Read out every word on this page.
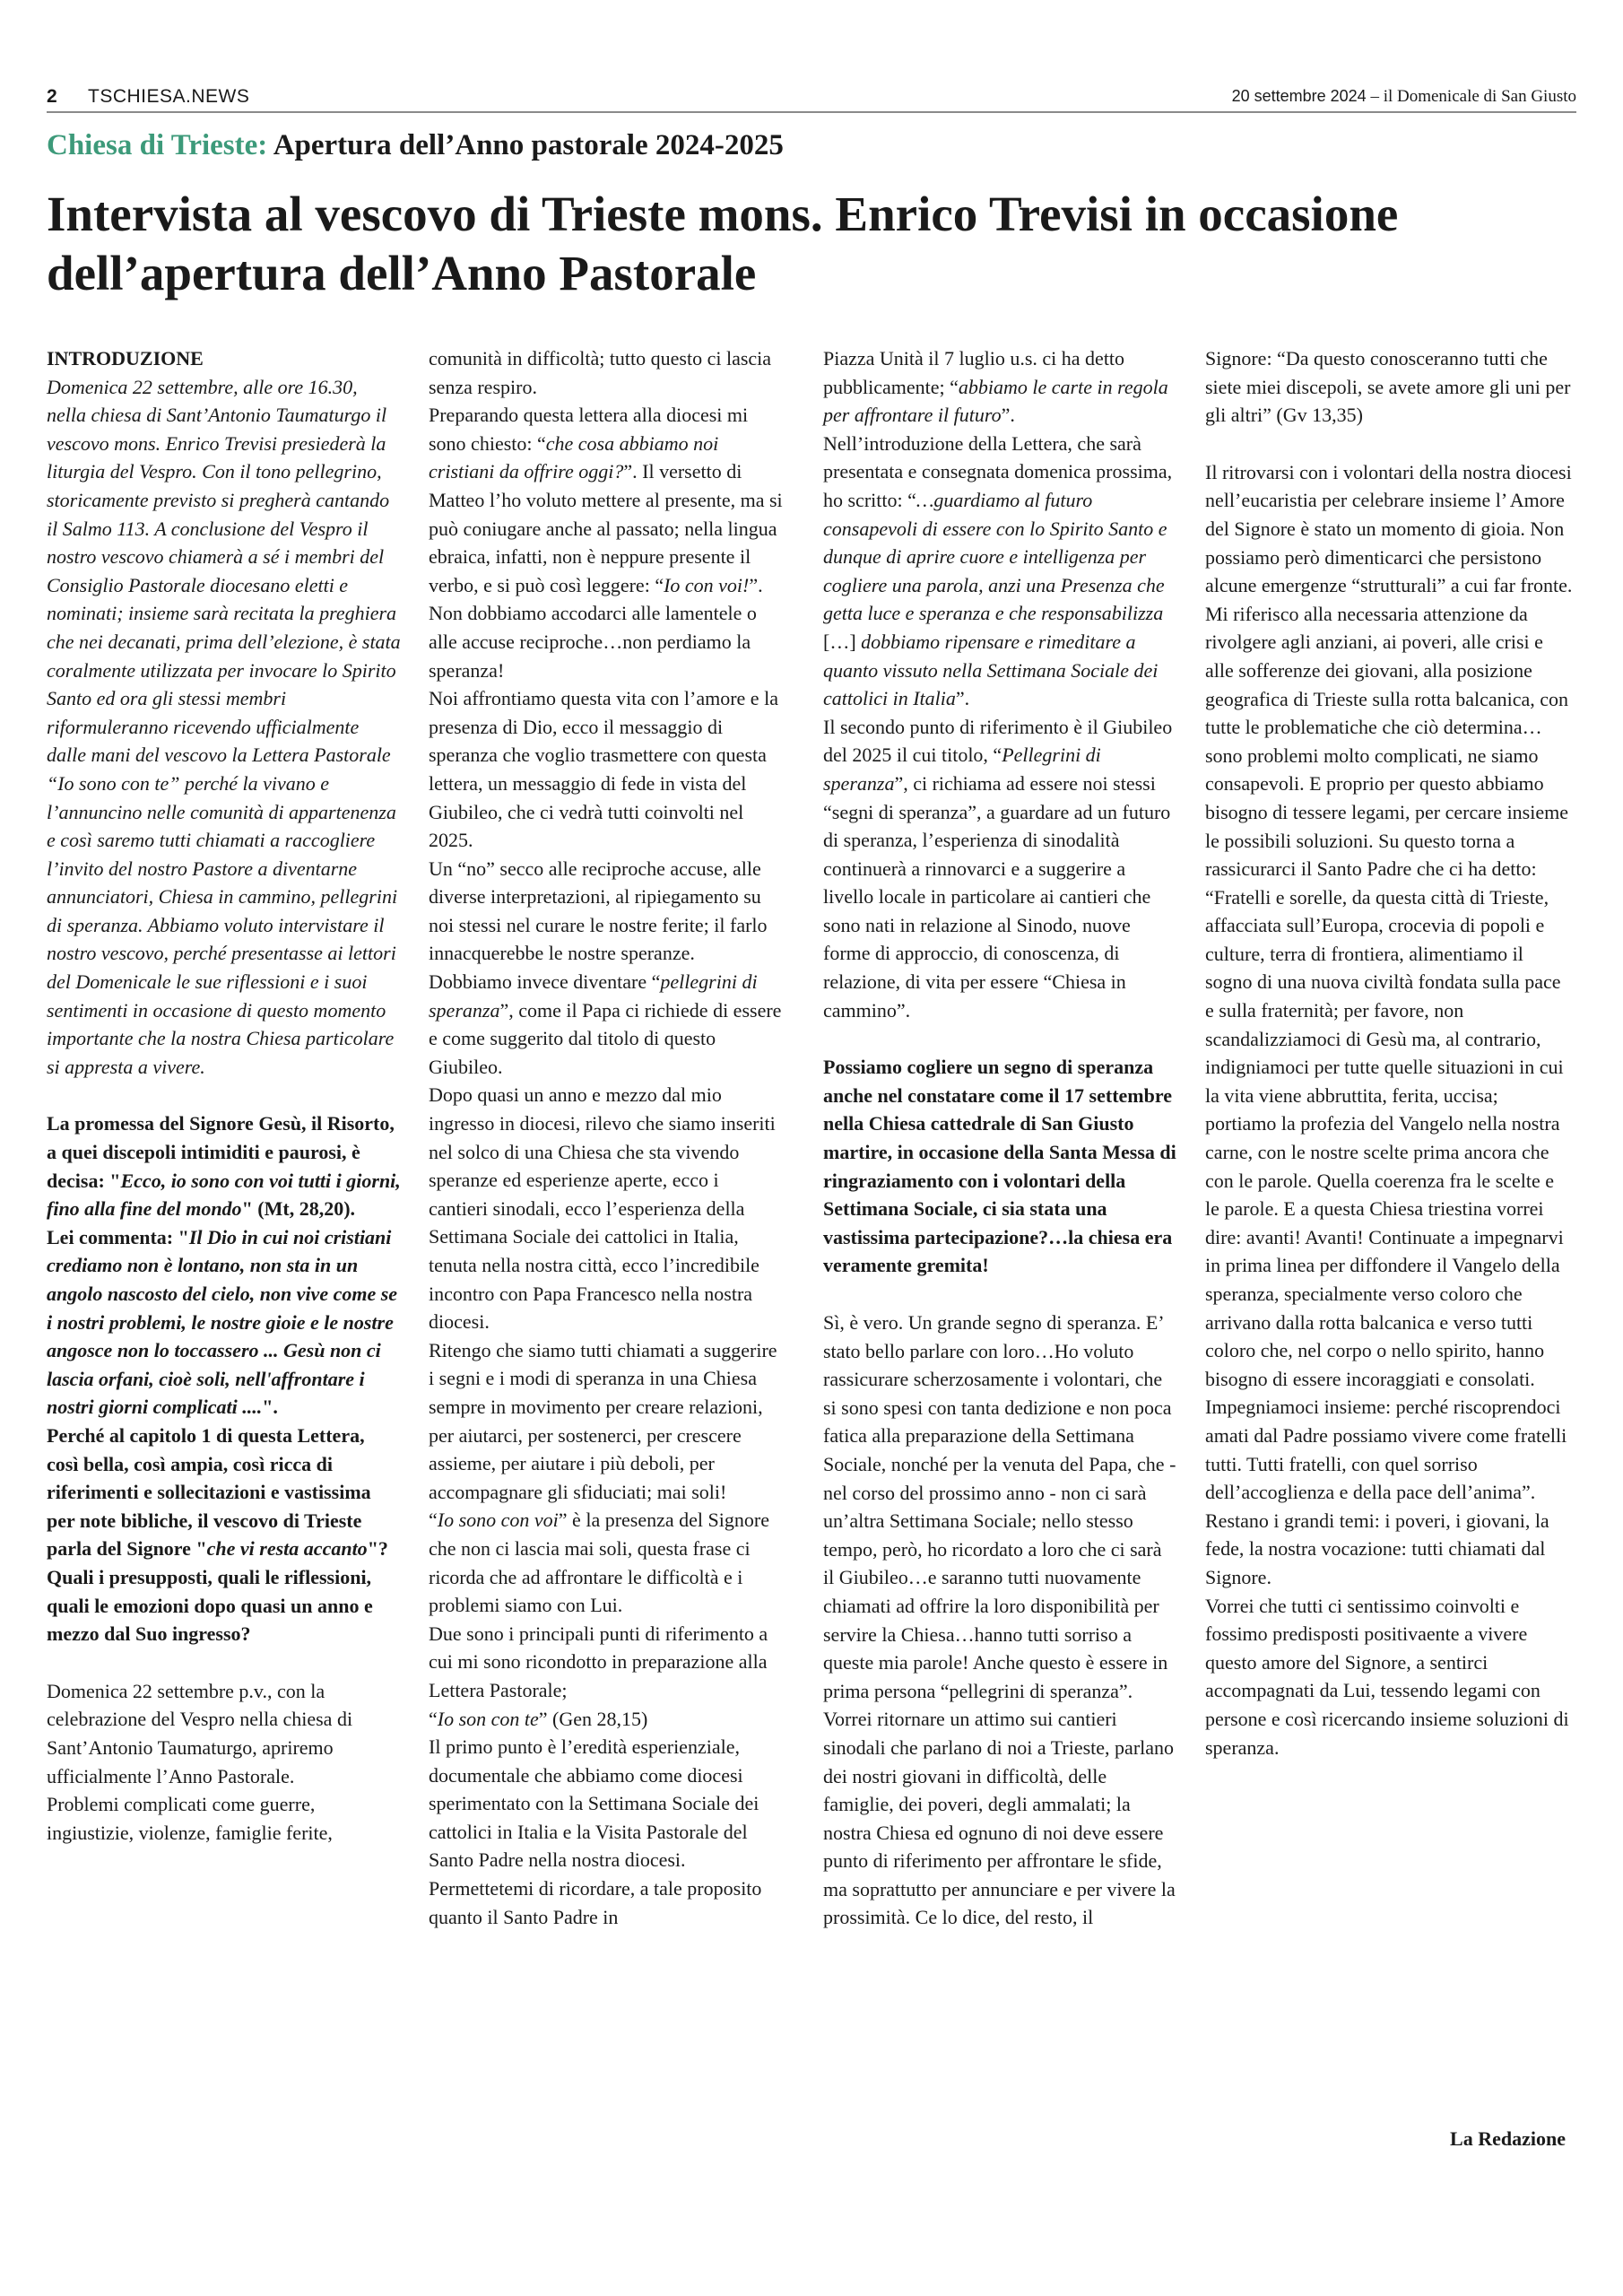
2 TSCHIESA.NEWS	20 settembre 2024 – il Domenicale di San Giusto
Chiesa di Trieste: Apertura dell’Anno pastorale 2024-2025
Intervista al vescovo di Trieste mons. Enrico Trevisi in occasione dell’apertura dell’Anno Pastorale

INTRODUZIONE

Domenica 22 settembre, alle ore 16.30, nella chiesa di Sant’Antonio Taumaturgo il vescovo mons. Enrico Trevisi presiederà la liturgia del Vespro. Con il tono pellegrino, storicamente previsto si pregherà cantando il Salmo 113. A conclusione del Vespro il nostro vescovo chiamerà a sé i membri del Consiglio Pastorale diocesano eletti e nominati; insieme sarà recitata la preghiera che nei decanati, prima dell’elezione, è stata coralmente utilizzata per invocare lo Spirito Santo ed ora gli stessi membri riformuleranno ricevendo ufficialmente dalle mani del vescovo la Lettera Pastorale “Io sono con te” perché la vivano e l’annuncino nelle comunità di appartenenza e così saremo tutti chiamati a raccogliere l’invito del nostro Pastore a diventarne annunciatori, Chiesa in cammino, pellegrini di speranza. Abbiamo voluto intervistare il nostro vescovo, perché presentasse ai lettori del Domenicale le sue riflessioni e i suoi sentimenti in occasione di questo momento importante che la nostra Chiesa particolare si appresta a vivere.

La promessa del Signore Gesù, il Risorto, a quei discepoli intimiditi e paurosi, è decisa: "Ecco, io sono con voi tutti i giorni, fino alla fine del mondo" (Mt, 28,20).

Lei commenta: "Il Dio in cui noi cristiani crediamo non è lontano, non sta in un angolo nascosto del cielo, non vive come se i nostri problemi, le nostre gioie e le nostre angosce non lo toccassero ... Gesù non ci lascia orfani, cioè soli, nell'affrontare i nostri giorni complicati ....".

Perché al capitolo 1 di questa Lettera, così bella, così ampia, così ricca di riferimenti e sollecitazioni e vastissima per note bibliche, il vescovo di Trieste parla del Signore "che vi resta accanto"?

Quali i presupposti, quali le riflessioni, quali le emozioni dopo quasi un anno e mezzo dal Suo ingresso?

Domenica 22 settembre p.v., con la celebrazione del Vespro nella chiesa di Sant’Antonio Taumaturgo, apriremo ufficialmente l’Anno Pastorale.

Problemi complicati come guerre, ingiustizie, violenze, famiglie ferite,

comunità in difficoltà; tutto questo ci lascia senza respiro.

Preparando questa lettera alla diocesi mi sono chiesto: “che cosa abbiamo noi cristiani da offrire oggi?”. Il versetto di Matteo l’ho voluto mettere al presente, ma si può coniugare anche al passato; nella lingua ebraica, infatti, non è neppure presente il verbo, e si può così leggere: “Io con voi!”.

Non dobbiamo accodarci alle lamentele o alle accuse reciproche…non perdiamo la speranza!

Noi affrontiamo questa vita con l’amore e la presenza di Dio, ecco il messaggio di speranza che voglio trasmettere con questa lettera, un messaggio di fede in vista del Giubileo, che ci vedrà tutti coinvolti nel 2025.

Un “no” secco alle reciproche accuse, alle diverse interpretazioni, al ripiegamento su noi stessi nel curare le nostre ferite; il farlo innacquerebbe le nostre speranze. Dobbiamo invece diventare “pellegrini di speranza”, come il Papa ci richiede di essere e come suggerito dal titolo di questo Giubileo.

Dopo quasi un anno e mezzo dal mio ingresso in diocesi, rilevo che siamo inseriti nel solco di una Chiesa che sta vivendo speranze ed esperienze aperte, ecco i cantieri sinodali, ecco l’esperienza della Settimana Sociale dei cattolici in Italia, tenuta nella nostra città, ecco l’incredibile incontro con Papa Francesco nella nostra diocesi.

Ritengo che siamo tutti chiamati a suggerire i segni e i modi di speranza in una Chiesa sempre in movimento per creare relazioni, per aiutarci, per sostenerci, per crescere assieme, per aiutare i più deboli, per accompagnare gli sfiduciati; mai soli!

“Io sono con voi” è la presenza del Signore che non ci lascia mai soli, questa frase ci ricorda che ad affrontare le difficoltà e i problemi siamo con Lui.

Due sono i principali punti di riferimento a cui mi sono ricondotto in preparazione alla Lettera Pastorale;

“Io son con te” (Gen 28,15)

Il primo punto è l’eredità esperienziale, documentale che abbiamo come diocesi sperimentato con la Settimana Sociale dei cattolici in Italia e la Visita Pastorale del Santo Padre nella nostra diocesi.

Permettetemi di ricordare, a tale proposito quanto il Santo Padre in

Piazza Unità il 7 luglio u.s. ci ha detto pubblicamente; “abbiamo le carte in regola per affrontare il futuro”.

Nell’introduzione della Lettera, che sarà presentata e consegnata domenica prossima, ho scritto: “…guardiamo al futuro consapevoli di essere con lo Spirito Santo e dunque di aprire cuore e intelligenza per cogliere una parola, anzi una Presenza che getta luce e speranza e che responsabilizza […] dobbiamo ripensare e rimeditare a quanto vissuto nella Settimana Sociale dei cattolici in Italia”.

Il secondo punto di riferimento è il Giubileo del 2025 il cui titolo, “Pellegrini di speranza”, ci richiama ad essere noi stessi “segni di speranza”, a guardare ad un futuro di speranza, l’esperienza di sinodalità continuerà a rinnovarci e a suggerire a livello locale in particolare ai cantieri che sono nati in relazione al Sinodo, nuove forme di approccio, di conoscenza, di relazione, di vita per essere “Chiesa in cammino”.

Possiamo cogliere un segno di speranza anche nel constatare come il 17 settembre nella Chiesa cattedrale di San Giusto martire, in occasione della Santa Messa di ringraziamento con i volontari della Settimana Sociale, ci sia stata una vastissima partecipazione?…la chiesa era veramente gremita!

Sì, è vero. Un grande segno di speranza. E’ stato bello parlare con loro…Ho voluto rassicurare scherzosamente i volontari, che si sono spesi con tanta dedizione e non poca fatica alla preparazione della Settimana Sociale, nonché per la venuta del Papa, che - nel corso del prossimo anno - non ci sarà un’altra Settimana Sociale; nello stesso tempo, però, ho ricordato a loro che ci sarà il Giubileo…e saranno tutti nuovamente chiamati ad offrire la loro disponibilità per servire la Chiesa…hanno tutti sorriso a queste mia parole! Anche questo è essere in prima persona “pellegrini di speranza”.

Vorrei ritornare un attimo sui cantieri sinodali che parlano di noi a Trieste, parlano dei nostri giovani in difficoltà, delle famiglie, dei poveri, degli ammalati; la nostra Chiesa ed ognuno di noi deve essere punto di riferimento per affrontare le sfide, ma soprattutto per annunciare e per vivere la prossimità. Ce lo dice, del resto, il

Signore: “Da questo conosceranno tutti che siete miei discepoli, se avete amore gli uni per gli altri” (Gv 13,35)

Il ritrovarsi con i volontari della nostra diocesi nell’eucaristia per celebrare insieme l’ Amore del Signore è stato un momento di gioia. Non possiamo però dimenticarci che persistono alcune emergenze “strutturali” a cui far fronte. Mi riferisco alla necessaria attenzione da rivolgere agli anziani, ai poveri, alle crisi e alle sofferenze dei giovani, alla posizione geografica di Trieste sulla rotta balcanica, con tutte le problematiche che ciò determina…sono problemi molto complicati, ne siamo consapevoli. E proprio per questo abbiamo bisogno di tessere legami, per cercare insieme le possibili soluzioni. Su questo torna a rassicurarci il Santo Padre che ci ha detto: “Fratelli e sorelle, da questa città di Trieste, affacciata sull’Europa, crocevia di popoli e culture, terra di frontiera, alimentiamo il sogno di una nuova civiltà fondata sulla pace e sulla fraternità; per favore, non scandalizziamoci di Gesù ma, al contrario, indigniamoci per tutte quelle situazioni in cui la vita viene abbruttita, ferita, uccisa; portiamo la profezia del Vangelo nella nostra carne, con le nostre scelte prima ancora che con le parole. Quella coerenza fra le scelte e le parole. E a questa Chiesa triestina vorrei dire: avanti! Avanti! Continuate a impegnarvi in prima linea per diffondere il Vangelo della speranza, specialmente verso coloro che arrivano dalla rotta balcanica e verso tutti coloro che, nel corpo o nello spirito, hanno bisogno di essere incoraggiati e consolati. Impegniamoci insieme: perché riscoprendoci amati dal Padre possiamo vivere come fratelli tutti. Tutti fratelli, con quel sorriso dell’accoglienza e della pace dell’anima”.

Restano i grandi temi: i poveri, i giovani, la fede, la nostra vocazione: tutti chiamati dal Signore.

Vorrei che tutti ci sentissimo coinvolti e fossimo predisposti positivaente a vivere questo amore del Signore, a sentirci accompagnati da Lui, tessendo legami con persone e così ricercando insieme soluzioni di speranza.

La Redazione
